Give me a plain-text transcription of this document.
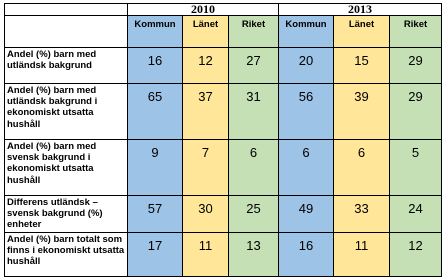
	2010			2013		
	Kommun	Länet	Riket	Kommun	Länet	Riket
Andel (%) barn med utländsk bakgrund	16	12	27	20	15	29
Andel (%) barn med utländsk bakgrund i ekonomiskt utsatta hushåll	65	37	31	56	39	29
Andel (%) barn med svensk bakgrund i ekonomiskt utsatta hushåll	9	7	6	6	6	5
Differens utländsk – svensk bakgrund (%) enheter	57	30	25	49	33	24
Andel (%) barn totalt som finns i ekonomiskt utsatta hushåll	17	11	13	16	11	12
